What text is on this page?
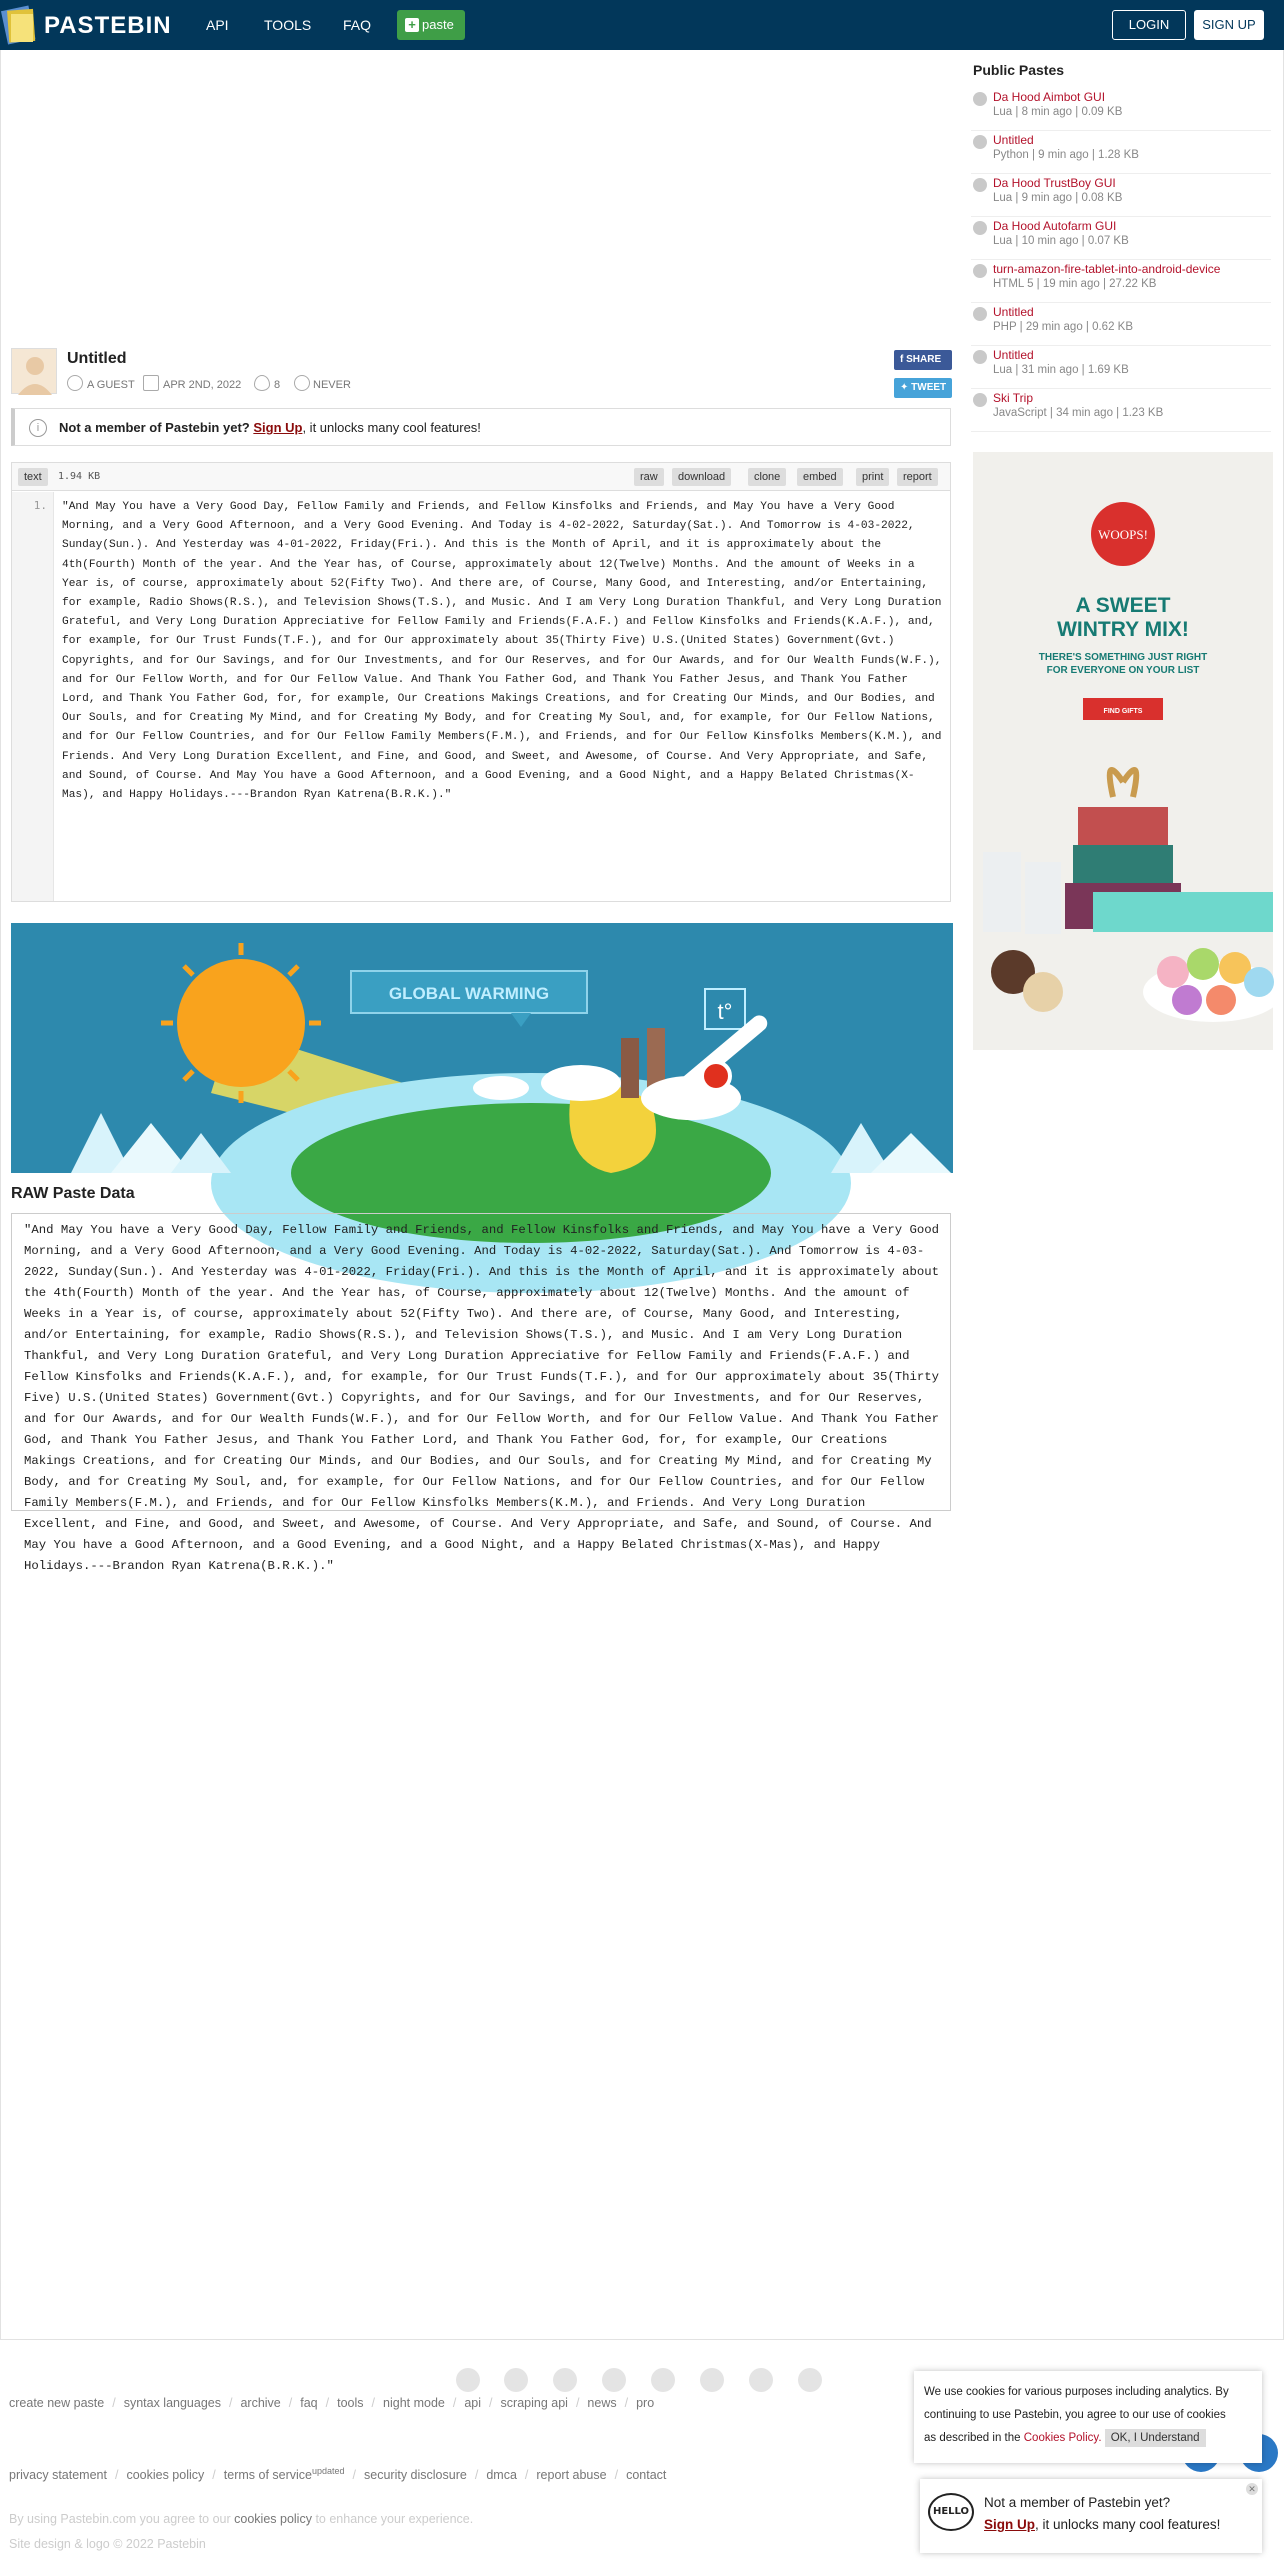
PASTEBIN API	TOOLS FAQ	+ paste	LOGIN	SIGN UP
Untitled
A GUEST	APR 2ND, 2022	8	NEVER
f SHARE
✦ TWEET
i	Not a member of Pastebin yet? Sign Up, it unlocks many cool features!
text	1.94 KB	raw	download	clone	embed	print	report
1. "And May You have a Very Good Day, Fellow Family and Friends, and Fellow Kinsfolks and Friends, and May You have a Very Good Morning, and a Very Good Afternoon, and a Very Good Evening. And Today is 4-02-2022, Saturday(Sat.). And Tomorrow is 4-03-2022, Sunday(Sun.). And Yesterday was 4-01-2022, Friday(Fri.). And this is the Month of April, and it is approximately about the 4th(Fourth) Month of the year. And the Year has, of Course, approximately about 12(Twelve) Months. And the amount of Weeks in a Year is, of course, approximately about 52(Fifty Two). And there are, of Course, Many Good, and Interesting, and/or Entertaining, for example, Radio Shows(R.S.), and Television Shows(T.S.), and Music. And I am Very Long Duration Thankful, and Very Long Duration Grateful, and Very Long Duration Appreciative for Fellow Family and Friends(F.A.F.) and Fellow Kinsfolks and Friends(K.A.F.), and, for example, for Our Trust Funds(T.F.), and for Our approximately about 35(Thirty Five) U.S.(United States) Government(Gvt.) Copyrights, and for Our Savings, and for Our Investments, and for Our Reserves, and for Our Awards, and for Our Wealth Funds(W.F.), and for Our Fellow Worth, and for Our Fellow Value. And Thank You Father God, and Thank You Father Jesus, and Thank You Father Lord, and Thank You Father God, for, for example, Our Creations Makings Creations, and for Creating Our Minds, and Our Bodies, and Our Souls, and for Creating My Mind, and for Creating My Body, and for Creating My Soul, and, for example, for Our Fellow Nations, and for Our Fellow Countries, and for Our Fellow Family Members(F.M.), and Friends, and for Our Fellow Kinsfolks Members(K.M.), and Friends. And Very Long Duration Excellent, and Fine, and Good, and Sweet, and Awesome, of Course. And Very Appropriate, and Safe, and Sound, of Course. And May You have a Good Afternoon, and a Good Evening, and a Good Night, and a Happy Belated Christmas(X-Mas), and Happy Holidays.---Brandon Ryan Katrena(B.R.K.)."
GLOBAL WARMING
t°
RAW Paste Data
"And May You have a Very Good Day, Fellow Family and Friends, and Fellow Kinsfolks and Friends, and May You have a Very Good Morning, and a Very Good Afternoon, and a Very Good Evening. And Today is 4-02-2022, Saturday(Sat.). And Tomorrow is 4-03-2022, Sunday(Sun.). And Yesterday was 4-01-2022, Friday(Fri.). And this is the Month of April, and it is approximately about the 4th(Fourth) Month of the year. And the Year has, of Course, approximately about 12(Twelve) Months. And the amount of Weeks in a Year is, of course, approximately about 52(Fifty Two). And there are, of Course, Many Good, and Interesting, and/or Entertaining, for example, Radio Shows(R.S.), and Television Shows(T.S.), and Music. And I am Very Long Duration Thankful, and Very Long Duration Grateful, and Very Long Duration Appreciative for Fellow Family and Friends(F.A.F.) and Fellow Kinsfolks and Friends(K.A.F.), and, for example, for Our Trust Funds(T.F.), and for Our approximately about 35(Thirty Five) U.S.(United States) Government(Gvt.) Copyrights, and for Our Savings, and for Our Investments, and for Our Reserves, and for Our Awards, and for Our Wealth Funds(W.F.), and for Our Fellow Worth, and for Our Fellow Value. And Thank You Father God, and Thank You Father Jesus, and Thank You Father Lord, and Thank You Father God, for, for example, Our Creations Makings Creations, and for Creating Our Minds, and Our Bodies, and Our Souls, and for Creating My Mind, and for Creating My Body, and for Creating My Soul, and, for example, for Our Fellow Nations, and for Our Fellow Countries, and for Our Fellow Family Members(F.M.), and Friends, and for Our Fellow Kinsfolks Members(K.M.), and Friends. And Very Long Duration Excellent, and Fine, and Good, and Sweet, and Awesome, of Course. And Very Appropriate, and Safe, and Sound, of Course. And May You have a Good Afternoon, and a Good Evening, and a Good Night, and a Happy Belated Christmas(X-Mas), and Happy Holidays.---Brandon Ryan Katrena(B.R.K.)."
Public Pastes
Da Hood Aimbot GUI
Lua | 8 min ago | 0.09 KB
Untitled
Python | 9 min ago | 1.28 KB
Da Hood TrustBoy GUI
Lua | 9 min ago | 0.08 KB
Da Hood Autofarm GUI
Lua | 10 min ago | 0.07 KB
turn-amazon-fire-tablet-into-android-device
HTML 5 | 19 min ago | 27.22 KB
Untitled
PHP | 29 min ago | 0.62 KB
Untitled
Lua | 31 min ago | 1.69 KB
Ski Trip
JavaScript | 34 min ago | 1.23 KB
WOOPS!
A SWEET
WINTRY MIX!
THERE'S SOMETHING JUST RIGHT
FOR EVERYONE ON YOUR LIST
FIND GIFTS
create new paste / syntax languages / archive / faq / tools / night mode / api / scraping api / news / pro
privacy statement / cookies policy / terms of service$^{updated}$ / security disclosure / dmca / report abuse / contact
By using Pastebin.com you agree to our cookies policy to enhance your experience.
Site design & logo © 2022 Pastebin
We use cookies for various purposes including analytics. By
continuing to use Pastebin, you agree to our use of cookies
as described in the Cookies Policy. OK, I Understand
HELLO
Not a member of Pastebin yet?
Sign Up, it unlocks many cool features!
✕
